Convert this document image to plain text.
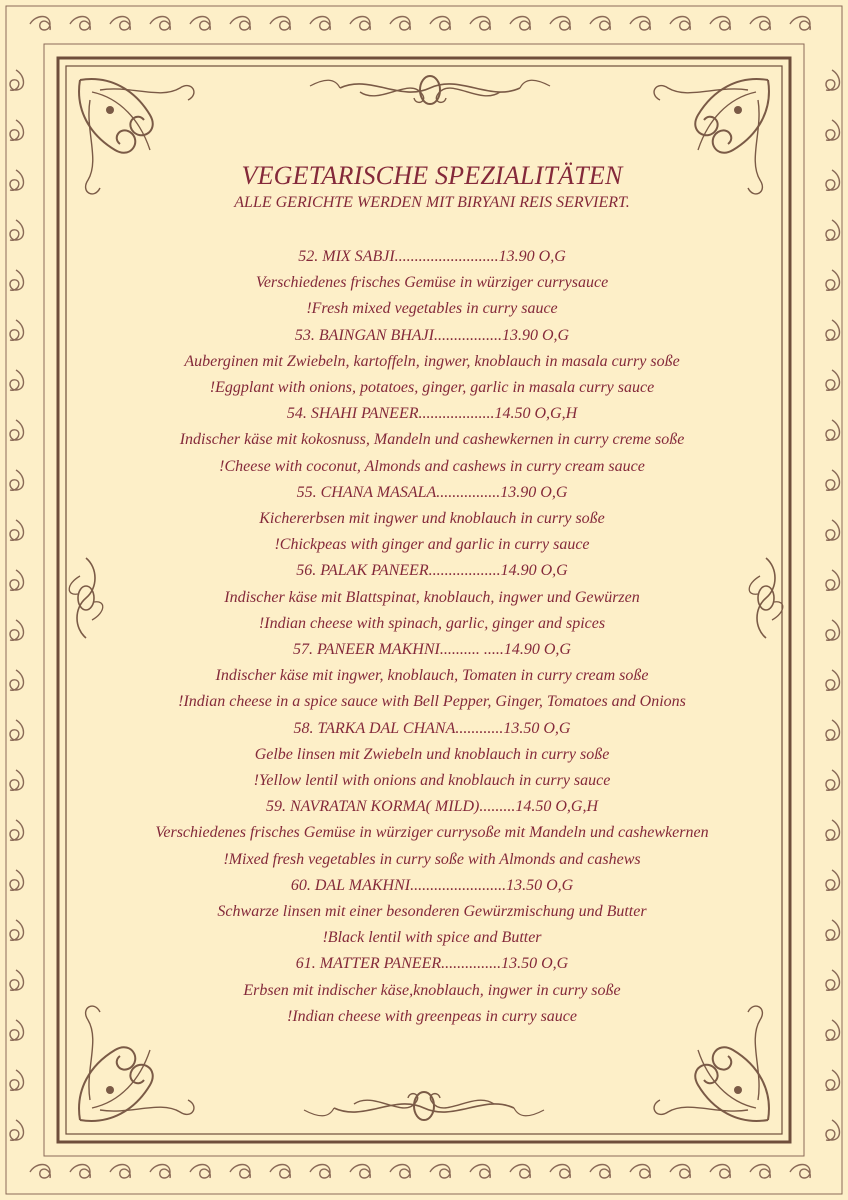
VEGETARISCHE SPEZIALITÄTEN

ALLE GERICHTE WERDEN MIT BIRYANI REIS SERVIERT.

52. MIX SABJI..........................13.90 O,G
Verschiedenes frisches Gemüse in würziger currysauce
!Fresh mixed vegetables in curry sauce
53. BAINGAN BHAJI.................13.90 O,G
Auberginen mit Zwiebeln, kartoffeln, ingwer, knoblauch in masala curry soße
!Eggplant with onions, potatoes, ginger, garlic in masala curry sauce
54. SHAHI PANEER...................14.50 O,G,H
Indischer käse mit kokosnuss, Mandeln und cashewkernen in curry creme soße
!Cheese with coconut, Almonds and cashews in curry cream sauce
55. CHANA MASALA................13.90 O,G
Kichererbsen mit ingwer und knoblauch in curry soße
!Chickpeas with ginger and garlic in curry sauce
56. PALAK PANEER..................14.90 O,G
Indischer käse mit Blattspinat, knoblauch, ingwer und Gewürzen
!Indian cheese with spinach, garlic, ginger and spices
57. PANEER MAKHNI.......... .....14.90 O,G
Indischer käse mit ingwer, knoblauch, Tomaten in curry cream soße
!Indian cheese in a spice sauce with Bell Pepper, Ginger, Tomatoes and Onions
58. TARKA DAL CHANA............13.50 O,G
Gelbe linsen mit Zwiebeln und knoblauch in curry soße
!Yellow lentil with onions and knoblauch in curry sauce
59. NAVRATAN KORMA( MILD).........14.50 O,G,H
Verschiedenes frisches Gemüse in würziger currysoße mit Mandeln und cashewkernen
!Mixed fresh vegetables in curry soße with Almonds and cashews
60. DAL MAKHNI........................13.50 O,G
Schwarze linsen mit einer besonderen Gewürzmischung und Butter
!Black lentil with spice and Butter
61. MATTER PANEER...............13.50 O,G
Erbsen mit indischer käse,knoblauch, ingwer in curry soße
!Indian cheese with greenpeas in curry sauce
